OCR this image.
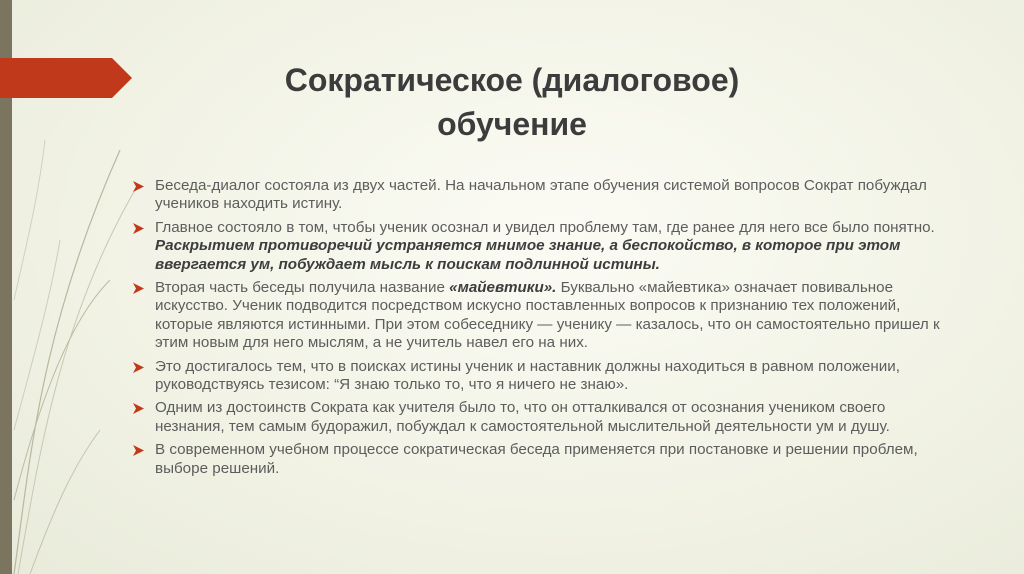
Сократическое (диалоговое)
обучение
Беседа-диалог состояла из двух частей. На начальном этапе обучения системой вопросов Сократ побуждал учеников находить истину.
Главное состояло в том, чтобы ученик осознал и увидел проблему там, где ранее для него все было понятно. Раскрытием противоречий устраняется мнимое знание, а беспокойство, в которое при этом ввергается ум, побуждает мысль к поискам подлинной истины.
Вторая часть беседы получила название «майевтики». Буквально «майевтика» означает повивальное искусство. Ученик подводится посредством искусно поставленных вопросов к признанию тех положений, которые являются истинными. При этом собеседнику — ученику — казалось, что он самостоятельно пришел к этим новым для него мыслям, а не учитель навел его на них.
Это достигалось тем, что в поисках истины ученик и наставник должны находиться в равном положении, руководствуясь тезисом: “Я знаю только то, что я ничего не знаю».
Одним из достоинств Сократа как учителя было то, что он отталкивался от осознания учеником своего незнания, тем самым будоражил, побуждал к самостоятельной мыслительной деятельности ум и душу.
В современном учебном процессе сократическая беседа применяется при постановке и решении проблем, выборе решений.
